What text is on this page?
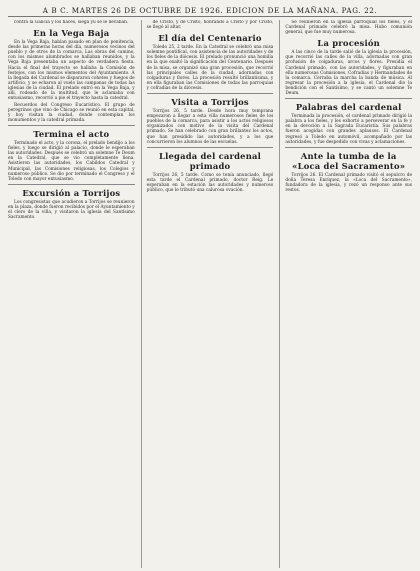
A B C. MARTES 26 DE OCTUBRE DE 1926. EDICION DE LA MAÑANA. PAG. 22.

contra la Galicia y los haces, siega yu se le llevaban.

En la Vega Baja

En la Vega Baja, habían pasado en plan de penitencia, desde las primeras horas del día, numerosos vecinos del pueblo y de otros de la comarca. Las obras del camino, con los mismos alumbrados se hallaban reunidos, y la Vega Baja presentaba un aspecto de verdadera fiesta. Hacia el final del trayecto se hallaba la Comisión de festejos, con los mismos elementos del Ayuntamiento. A la llegada del Cardenal se dispararon cohetes y fuegos de artificio, y se echaron al vuelo las campanas de todas las iglesias de la ciudad. El prelado entró en la Vega Baja, y allí, rodeado de la multitud, que le aclamaba con entusiasmo, recorrió a pie el trayecto hasta la catedral.

Recuerdos del Congreso Eucarístico. El grupo de peregrinos que vino de Chicago se reunió en esta capital, y hoy visitan la ciudad, donde contemplan los monumentos y la catedral primada.

Termina el acto

Terminado el acto, y la corona, el prelado bendijo a los fieles, y luego se dirigió al palacio, donde le esperaban las autoridades. Después se celebró un solemne Te Deum en la Catedral, que se vio completamente llena. Asistieron las autoridades, los Cabildos Catedral y Municipal, las Comisiones religiosas, los Colegios y numeroso público. Se dio por terminado el Congreso y el Toledo con mayor entusiasmo.

Excursión a Torrijos

Los congresistas que acudieron a Torrijos se reunieron en la plaza, donde fueron recibidos por el Ayuntamiento y el clero de la villa, y visitaron la iglesia del Santísimo Sacramento.

de Cristo, y de Cristo, honrando a Cristo y por Cristo, se llegó al altar.

El día del Centenario

Toledo 25, 2 tarde. En la Catedral se celebró una misa solemne pontifical, con asistencia de las autoridades y de los fieles de la diócesis. El prelado pronunció una homilía en la que exaltó la significación del Centenario. Después de la misa, se organizó una gran procesión, que recorrió las principales calles de la ciudad, adornadas con colgaduras y flores. La procesión resultó brillantísima, y en ella figuraban las Comisiones de todas las parroquias y cofradías de la diócesis.

Visita a Torrijos

Torrijos 26, 5 tarde. Desde hora muy temprana empezaron a llegar a esta villa numerosos fieles de los pueblos de la comarca, para asistir a los actos religiosos organizados con motivo de la visita del Cardenal primado. Se han celebrado con gran brillantez los actos, que han presidido las autoridades, y a los que concurrieron los alumnos de las escuelas.

Llegada del cardenal primado

Torrijos 26, 5 tarde. Como se tenía anunciado, llegó esta tarde el Cardenal primado, doctor Reig. Le esperaban en la estación las autoridades y numeroso público, que le tributó una calurosa ovación.

Se reunieron en la iglesia parroquial los fieles, y el Cardenal primado celebró la misa. Hubo comunión general, que fue muy numerosa.

La procesión

A las cinco de la tarde salió de la iglesia la procesión, que recorrió las calles de la villa, adornadas con gran profusión de colgaduras, arcos y flores. Presidía el Cardenal primado, con las autoridades, y figuraban en ella numerosas Comisiones, Cofradías y Hermandades de la comarca. Cerraba la marcha la banda de música. Al regresar la procesión a la iglesia, el Cardenal dio la bendición con el Santísimo, y se cantó un solemne Te Deum.

Palabras del cardenal

Terminada la procesión, el cardenal primado dirigió la palabra a los fieles, y les exhortó a perseverar en la fe y en la devoción a la Sagrada Eucaristía. Sus palabras fueron acogidas con grandes aplausos. El Cardenal regresó a Toledo en automóvil, acompañado por las autoridades, y fue despedido con vivas y aclamaciones.

Ante la tumba de la «Loca del Sacramento»

Torrijos 26. El Cardenal primado visitó el sepulcro de doña Teresa Enríquez, la «Loca del Sacramento», fundadora de la iglesia, y rezó un responso ante sus restos.
